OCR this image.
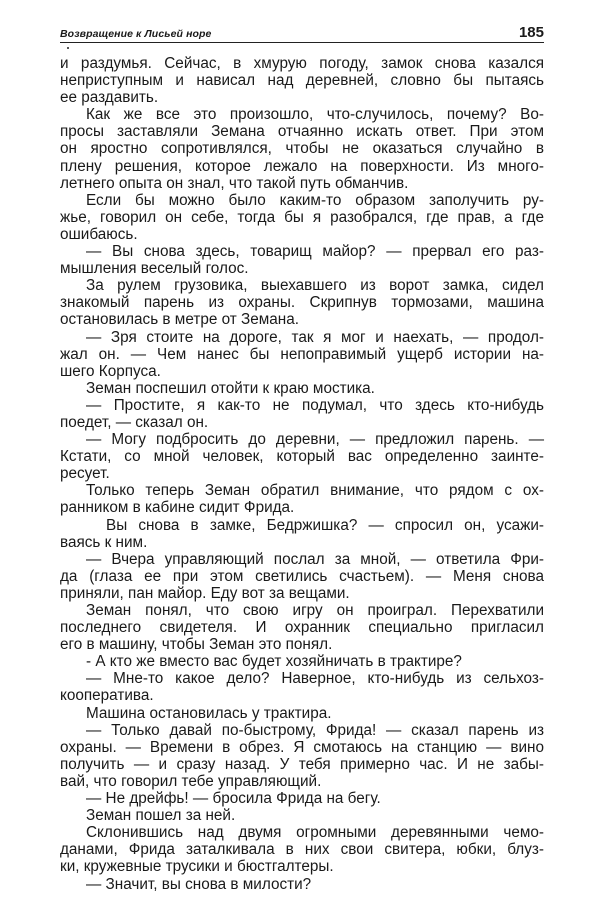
Возвращение к Лисьей норе	185
и раздумья. Сейчас, в хмурую погоду, замок снова казался
неприступным и нависал над деревней, словно бы пытаясь
ее раздавить.
Как же все это произошло, что-случилось, почему? Во-
просы заставляли Земана отчаянно искать ответ. При этом
он яростно сопротивлялся, чтобы не оказаться случайно в
плену решения, которое лежало на поверхности. Из много-
летнего опыта он знал, что такой путь обманчив.
Если бы можно было каким-то образом заполучить ру-
жье, говорил он себе, тогда бы я разобрался, где прав, а где
ошибаюсь.
— Вы снова здесь, товарищ майор? — прервал его раз-
мышления веселый голос.
За рулем грузовика, выехавшего из ворот замка, сидел
знакомый парень из охраны. Скрипнув тормозами, машина
остановилась в метре от Земана.
— Зря стоите на дороге, так я мог и наехать, — продол-
жал он. — Чем нанес бы непоправимый ущерб истории на-
шего Корпуса.
Земан поспешил отойти к краю мостика.
— Простите, я как-то не подумал, что здесь кто-нибудь
поедет, — сказал он.
— Могу подбросить до деревни, — предложил парень. —
Кстати, со мной человек, который вас определенно заинте-
ресует.
Только теперь Земан обратил внимание, что рядом с ох-
ранником в кабине сидит Фрида.
Вы снова в замке, Бедржишка? — спросил он, усажи-
ваясь к ним.
— Вчера управляющий послал за мной, — ответила Фри-
да (глаза ее при этом светились счастьем). — Меня снова
приняли, пан майор. Еду вот за вещами.
Земан понял, что свою игру он проиграл. Перехватили
последнего свидетеля. И охранник специально пригласил
его в машину, чтобы Земан это понял.
- А кто же вместо вас будет хозяйничать в трактире?
— Мне-то какое дело? Наверное, кто-нибудь из сельхоз-
кооператива.
Машина остановилась у трактира.
— Только давай по-быстрому, Фрида! — сказал парень из
охраны. — Времени в обрез. Я смотаюсь на станцию — вино
получить — и сразу назад. У тебя примерно час. И не забы-
вай, что говорил тебе управляющий.
— Не дрейфь! — бросила Фрида на бегу.
Земан пошел за ней.
Склонившись над двумя огромными деревянными чемо-
данами, Фрида заталкивала в них свои свитера, юбки, блуз-
ки, кружевные трусики и бюстгалтеры.
— Значит, вы снова в милости?
